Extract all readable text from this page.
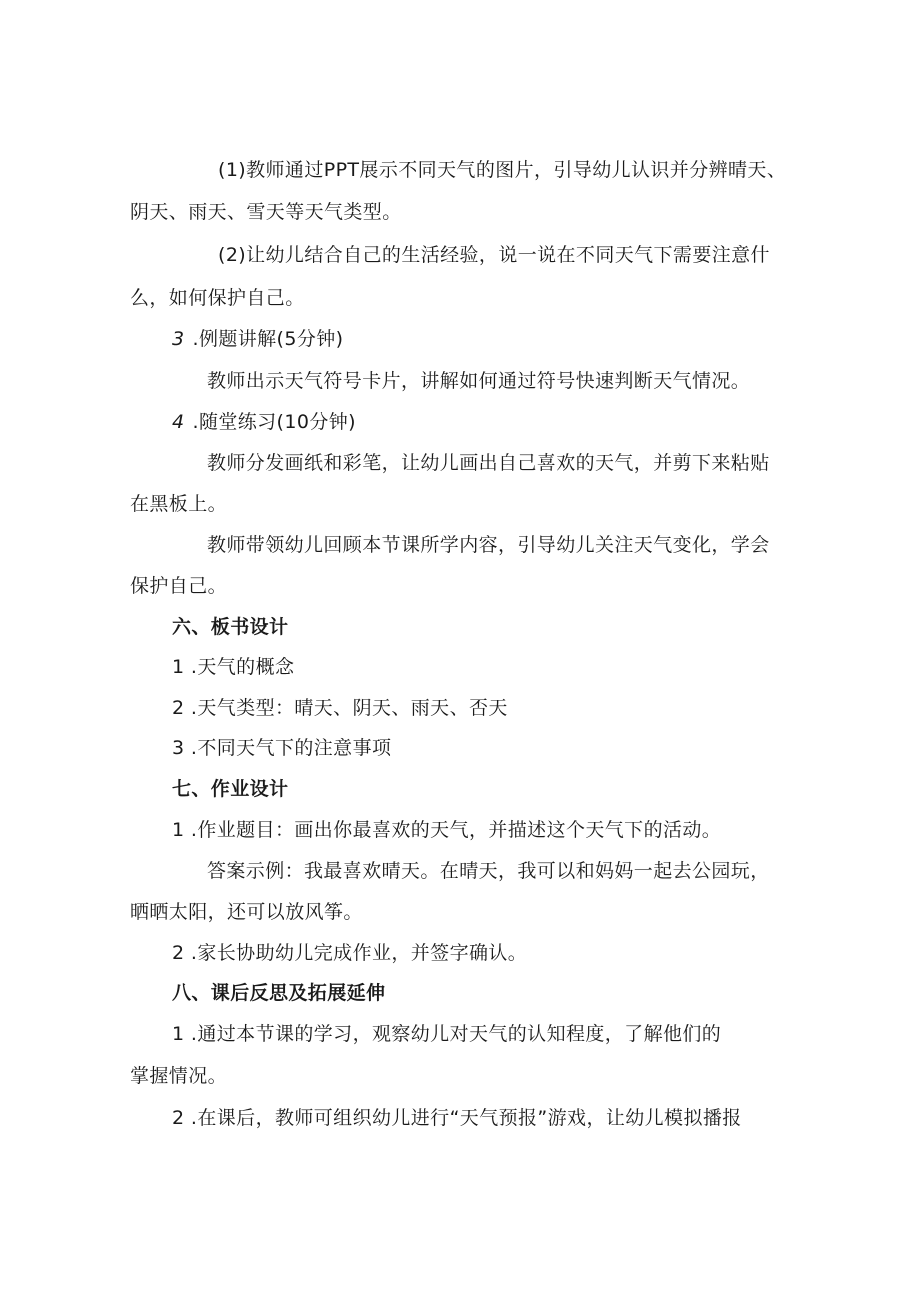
(1)教师通过PPT展示不同天气的图片，引导幼儿认识并分辨晴天、
阴天、雨天、雪天等天气类型。
(2)让幼儿结合自己的生活经验，说一说在不同天气下需要注意什
么，如何保护自己。
3 .例题讲解(5分钟)
教师出示天气符号卡片，讲解如何通过符号快速判断天气情况。
4 .随堂练习(10分钟)
教师分发画纸和彩笔，让幼儿画出自己喜欢的天气，并剪下来粘贴
在黑板上。
教师带领幼儿回顾本节课所学内容，引导幼儿关注天气变化，学会
保护自己。
六、板书设计
1 .天气的概念
2 .天气类型：晴天、阴天、雨天、否天
3 .不同天气下的注意事项
七、作业设计
1 .作业题目：画出你最喜欢的天气，并描述这个天气下的活动。
答案示例：我最喜欢晴天。在晴天，我可以和妈妈一起去公园玩，
晒晒太阳，还可以放风筝。
2 .家长协助幼儿完成作业，并签字确认。
八、课后反思及拓展延伸
1 .通过本节课的学习，观察幼儿对天气的认知程度，了解他们的
掌握情况。
2 .在课后，教师可组织幼儿进行“天气预报”游戏，让幼儿模拟播报
